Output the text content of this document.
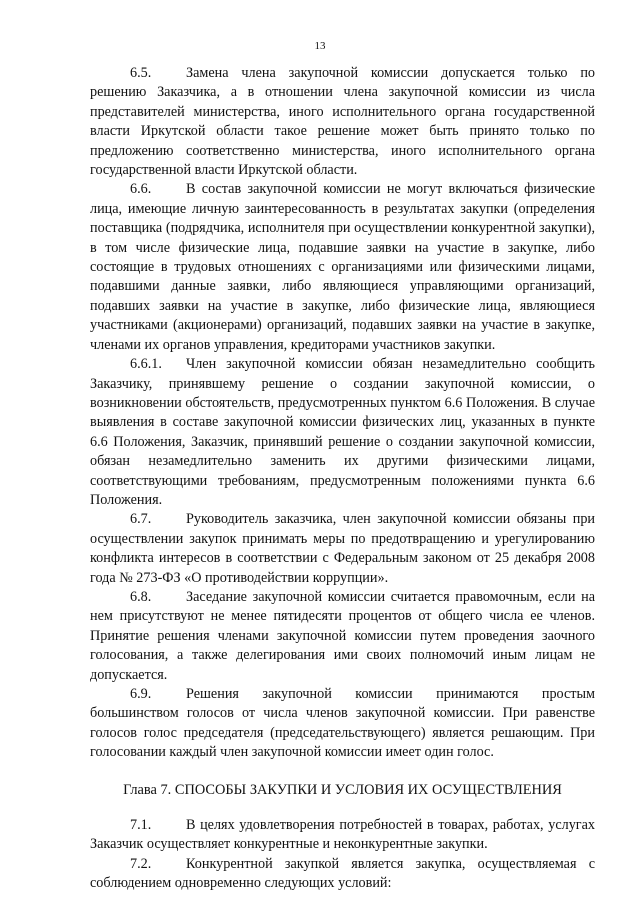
13

6.5. Замена члена закупочной комиссии допускается только по решению Заказчика, а в отношении члена закупочной комиссии из числа представителей министерства, иного исполнительного органа государственной власти Иркутской области такое решение может быть принято только по предложению соответственно министерства, иного исполнительного органа государственной власти Иркутской области.

6.6. В состав закупочной комиссии не могут включаться физические лица, имеющие личную заинтересованность в результатах закупки (определения поставщика (подрядчика, исполнителя при осуществлении конкурентной закупки), в том числе физические лица, подавшие заявки на участие в закупке, либо состоящие в трудовых отношениях с организациями или физическими лицами, подавшими данные заявки, либо являющиеся управляющими организаций, подавших заявки на участие в закупке, либо физические лица, являющиеся участниками (акционерами) организаций, подавших заявки на участие в закупке, членами их органов управления, кредиторами участников закупки.

6.6.1. Член закупочной комиссии обязан незамедлительно сообщить Заказчику, принявшему решение о создании закупочной комиссии, о возникновении обстоятельств, предусмотренных пунктом 6.6 Положения. В случае выявления в составе закупочной комиссии физических лиц, указанных в пункте 6.6 Положения, Заказчик, принявший решение о создании закупочной комиссии, обязан незамедлительно заменить их другими физическими лицами, соответствующими требованиям, предусмотренным положениями пункта 6.6 Положения.

6.7. Руководитель заказчика, член закупочной комиссии обязаны при осуществлении закупок принимать меры по предотвращению и урегулированию конфликта интересов в соответствии с Федеральным законом от 25 декабря 2008 года № 273-ФЗ «О противодействии коррупции».

6.8. Заседание закупочной комиссии считается правомочным, если на нем присутствуют не менее пятидесяти процентов от общего числа ее членов. Принятие решения членами закупочной комиссии путем проведения заочного голосования, а также делегирования ими своих полномочий иным лицам не допускается.

6.9. Решения закупочной комиссии принимаются простым большинством голосов от числа членов закупочной комиссии. При равенстве голосов голос председателя (председательствующего) является решающим. При голосовании каждый член закупочной комиссии имеет один голос.

Глава 7. СПОСОБЫ ЗАКУПКИ И УСЛОВИЯ ИХ ОСУЩЕСТВЛЕНИЯ

7.1. В целях удовлетворения потребностей в товарах, работах, услугах Заказчик осуществляет конкурентные и неконкурентные закупки.

7.2. Конкурентной закупкой является закупка, осуществляемая с соблюдением одновременно следующих условий:
